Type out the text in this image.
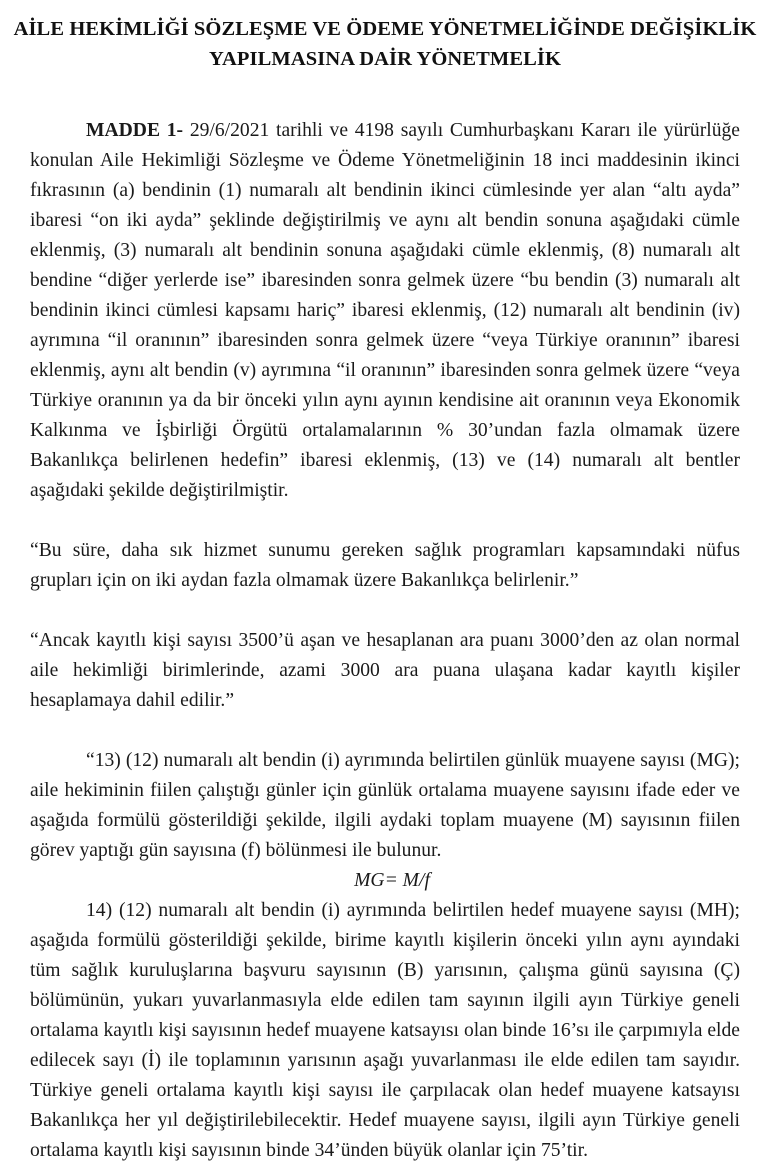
AİLE HEKİMLİĞİ SÖZLEŞME VE ÖDEME YÖNETMELİĞİNDE DEĞİŞİKLİK
YAPILMASINA DAİR YÖNETMELİK

MADDE 1- 29/6/2021 tarihli ve 4198 sayılı Cumhurbaşkanı Kararı ile yürürlüğe konulan Aile Hekimliği Sözleşme ve Ödeme Yönetmeliğinin 18 inci maddesinin ikinci fıkrasının (a) bendinin (1) numaralı alt bendinin ikinci cümlesinde yer alan “altı ayda” ibaresi “on iki ayda” şeklinde değiştirilmiş ve aynı alt bendin sonuna aşağıdaki cümle eklenmiş, (3) numaralı alt bendinin sonuna aşağıdaki cümle eklenmiş, (8) numaralı alt bendine “diğer yerlerde ise” ibaresinden sonra gelmek üzere “bu bendin (3) numaralı alt bendinin ikinci cümlesi kapsamı hariç” ibaresi eklenmiş, (12) numaralı alt bendinin (iv) ayrımına “il oranının” ibaresinden sonra gelmek üzere “veya Türkiye oranının” ibaresi eklenmiş, aynı alt bendin (v) ayrımına “il oranının” ibaresinden sonra gelmek üzere “veya Türkiye oranının ya da bir önceki yılın aynı ayının kendisine ait oranının veya Ekonomik Kalkınma ve İşbirliği Örgütü ortalamalarının % 30’undan fazla olmamak üzere Bakanlıkça belirlenen hedefin” ibaresi eklenmiş, (13) ve (14) numaralı alt bentler aşağıdaki şekilde değiştirilmiştir.

“Bu süre, daha sık hizmet sunumu gereken sağlık programları kapsamındaki nüfus grupları için on iki aydan fazla olmamak üzere Bakanlıkça belirlenir.”

“Ancak kayıtlı kişi sayısı 3500’ü aşan ve hesaplanan ara puanı 3000’den az olan normal aile hekimliği birimlerinde, azami 3000 ara puana ulaşana kadar kayıtlı kişiler hesaplamaya dahil edilir.”

“13) (12) numaralı alt bendin (i) ayrımında belirtilen günlük muayene sayısı (MG); aile hekiminin fiilen çalıştığı günler için günlük ortalama muayene sayısını ifade eder ve aşağıda formülü gösterildiği şekilde, ilgili aydaki toplam muayene (M) sayısının fiilen görev yaptığı gün sayısına (f) bölünmesi ile bulunur.

MG= M/f

14) (12) numaralı alt bendin (i) ayrımında belirtilen hedef muayene sayısı (MH); aşağıda formülü gösterildiği şekilde, birime kayıtlı kişilerin önceki yılın aynı ayındaki tüm sağlık kuruluşlarına başvuru sayısının (B) yarısının, çalışma günü sayısına (Ç) bölümünün, yukarı yuvarlanmasıyla elde edilen tam sayının ilgili ayın Türkiye geneli ortalama kayıtlı kişi sayısının hedef muayene katsayısı olan binde 16’sı ile çarpımıyla elde edilecek sayı (İ) ile toplamının yarısının aşağı yuvarlanması ile elde edilen tam sayıdır. Türkiye geneli ortalama kayıtlı kişi sayısı ile çarpılacak olan hedef muayene katsayısı Bakanlıkça her yıl değiştirilebilecektir. Hedef muayene sayısı, ilgili ayın Türkiye geneli ortalama kayıtlı kişi sayısının binde 34’ünden büyük olanlar için 75’tir.
